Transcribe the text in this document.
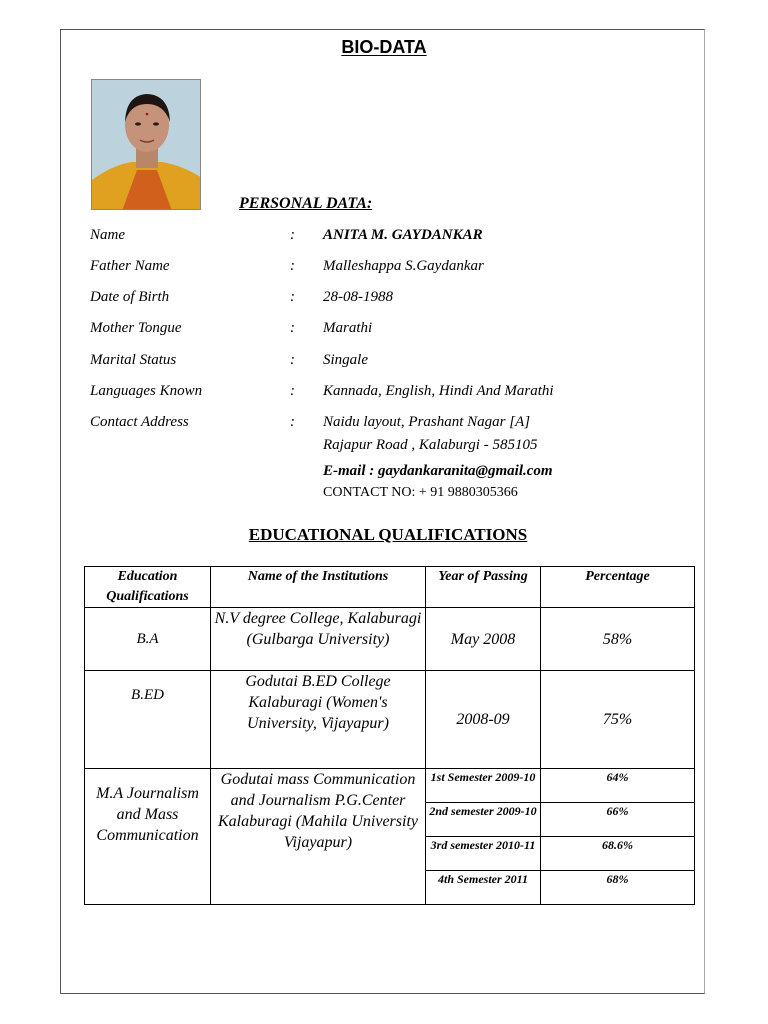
BIO-DATA
PERSONAL DATA:
Name	: ANITA M. GAYDANKAR
Father Name	: Malleshappa S.Gaydankar
Date of Birth	: 28-08-1988
Mother Tongue	: Marathi
Marital Status	: Singale
Languages Known	: Kannada, English, Hindi And Marathi
Contact Address	: Naidu layout, Prashant Nagar [A]
Rajapur Road , Kalaburgi - 585105
E-mail : gaydankaranita@gmail.com
CONTACT NO: + 91 9880305366
EDUCATIONAL QUALIFICATIONS
Education Qualifications	Name of the Institutions	Year of Passing	Percentage
B.A	N.V degree College, Kalaburagi (Gulbarga University)	May 2008	58%
B.ED	Godutai B.ED College Kalaburagi (Women's University, Vijayapur)	2008-09	75%
M.A Journalism and Mass Communication	Godutai mass Communication and Journalism P.G.Center Kalaburagi (Mahila University Vijayapur)	1st Semester 2009-10	64%
		2nd semester 2009-10	66%
		3rd semester 2010-11	68.6%
		4th Semester 2011	68%
